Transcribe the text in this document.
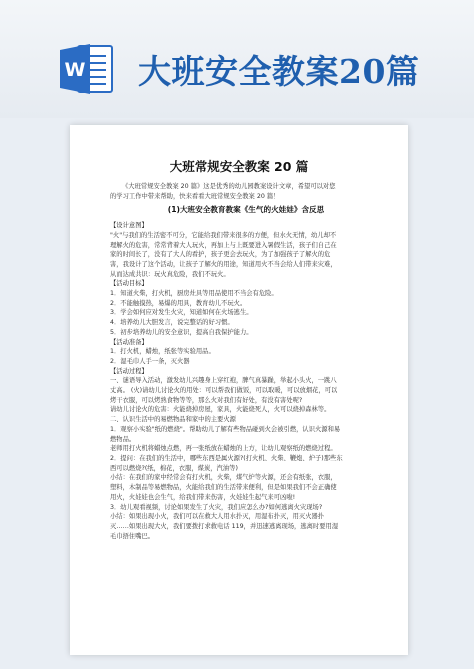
W 大班安全教案20篇
大班常规安全教案 20 篇
《大班常规安全教案 20 篇》这是优秀的幼儿园教案设计文章，希望可以对您
的学习工作中带来帮助，快来看看大班常规安全教案 20 篇！
(1)大班安全教育教案《生气的火娃娃》含反思
【设计意图】
"火"与我们的生活密不可分，它能给我们带来很多的方便，但水火无情，幼儿却不
理解火的危害，常常背着大人玩火，再加上与上既要进入暑假生活，孩子们自己在
家的时间长了，没有了大人的看护，孩子更会去玩火，为了加强孩子了解火的危
害，我设计了这个活动，让孩子了解火的用途，知道用火不当会给人们带来灾难，
从而达成共识：玩火真危险，我们不玩火。
【活动目标】
1．知道火柴，打火机，厨房灶具等用品使用不当会有危险。
2．不能触摸热，易爆的用具，教育幼儿不玩火。
3．学会如何应对发生火灾，知道如何在火场逃生。
4．培养幼儿大胆发言，说完整话的好习惯。
5．初步培养幼儿的安全意识，提高自我保护能力。
【活动准备】
1．打火机，蜡烛，纸张等实验用品。
2．湿毛巾人手一条，灭火器
【活动过程】
一、谜语导入活动，激发幼儿兴趣身上穿红袍，脾气真暴躁，举起小头火，一跳八
丈高。 (火)请幼儿讨论火的用处：可以帮我们做饭，可以取暖，可以放烟花，可以
烤干衣服，可以烤熟食物等等，那么火对我们有好处，有没有害处呢?
请幼儿讨论火的危害：火能烧掉房屋，家具，火能烧死人，火可以烧掉森林等。
二、认识生活中的易燃物品和家中的主要火源
1．观察小实验"纸的燃烧"。帮助幼儿了解有些物品碰到火会被引燃，认识火源和易
燃物品。
老师用打火机将蜡烛点燃，再一张纸放在蜡烛的上方，让幼儿观察纸的燃烧过程。
2．提问：在我们的生活中，哪些东西是属火源?(打火机、火柴、鞭炮、炉子)那些东
西可以燃烧?(纸，棉花，衣服，煤炭，汽油等)
小结：在我们的家中经常会有打火机，火柴，煤气炉等火源，还会有纸张，衣服，
塑料，木制品等易燃物品，火能给我们的生活带来便利，但是如果我们不会正确使
用火，火娃娃也会生气，给我们带来伤害，火娃娃生起气来可凶啦!
3．幼儿观看视频，讨论如果发生了火灾，我们应怎么办?如何逃离火灾现场?
小结：如果出现小火，我们可以在救大人用水扑灭，用湿布扑灭，用灭火器扑
灭……如果出现大火，我们要拨打求救电话 119，并迅速逃离现场，逃离时要用湿
毛巾捂住嘴巴。
